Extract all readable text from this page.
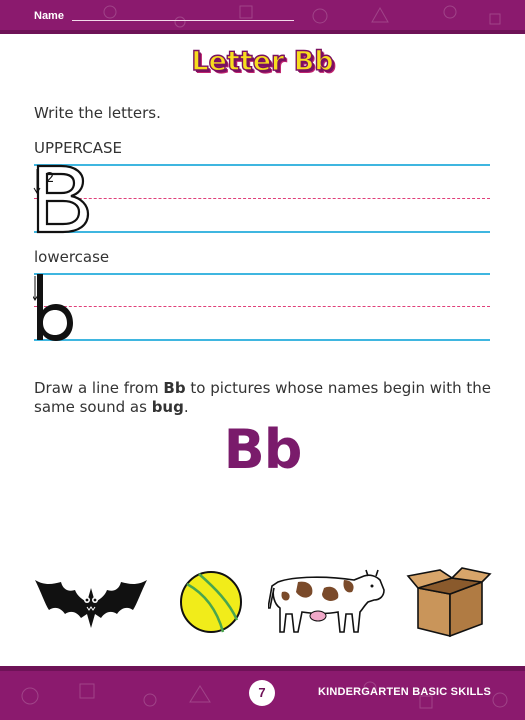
Name
Letter Bb
Write the letters.
UPPERCASE
2
lowercase
Draw a line from Bb to pictures whose names begin with the same sound as bug.
Bb
7	KINDERGARTEN BASIC SKILLS
